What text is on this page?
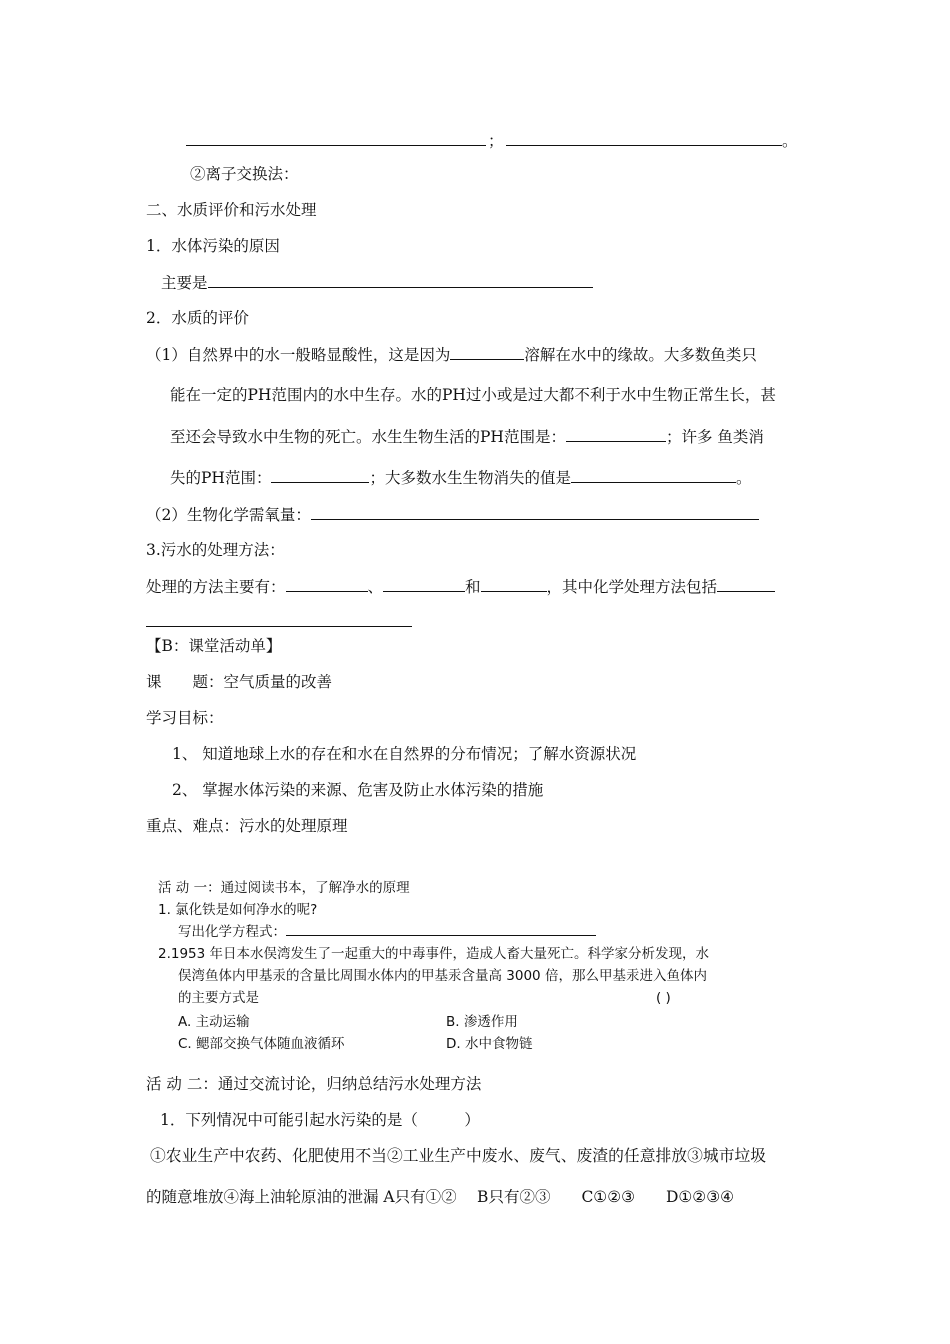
；	。
②离子交换法：
二、水质评价和污水处理
1．水体污染的原因
主要是
2．水质的评价
（1）自然界中的水一般略显酸性，这是因为	溶解在水中的缘故。大多数鱼类只
能在一定的PH范围内的水中生存。水的PH过小或是过大都不利于水中生物正常生长，甚
至还会导致水中生物的死亡。水生生物生活的PH范围是：	；许多 鱼类消
失的PH范围：	；大多数水生生物消失的值是	。
（2）生物化学需氧量：
3.污水的处理方法：
处理的方法主要有：	、	和	，其中化学处理方法包括
【B：课堂活动单】
课　　题：空气质量的改善
学习目标：
1、 知道地球上水的存在和水在自然界的分布情况；了解水资源状况
2、 掌握水体污染的来源、危害及防止水体污染的措施
重点、难点：污水的处理原理
活 动 一：通过阅读书本，了解净水的原理
1. 氯化铁是如何净水的呢?
写出化学方程式：
2.1953 年日本水俣湾发生了一起重大的中毒事件，造成人畜大量死亡。科学家分析发现，水
俣湾鱼体内甲基汞的含量比周围水体内的甲基汞含量高 3000 倍，那么甲基汞进入鱼体内
的主要方式是	( )
A. 主动运输	B. 渗透作用
C. 鳃部交换气体随血液循环	D. 水中食物链
活 动 二：通过交流讨论，归纳总结污水处理方法
1．下列情况中可能引起水污染的是（　　　）
①农业生产中农药、化肥使用不当②工业生产中废水、废气、废渣的任意排放③城市垃圾
的随意堆放④海上油轮原油的泄漏 A只有①②　 B只有②③　　C①②③　　D①②③④
